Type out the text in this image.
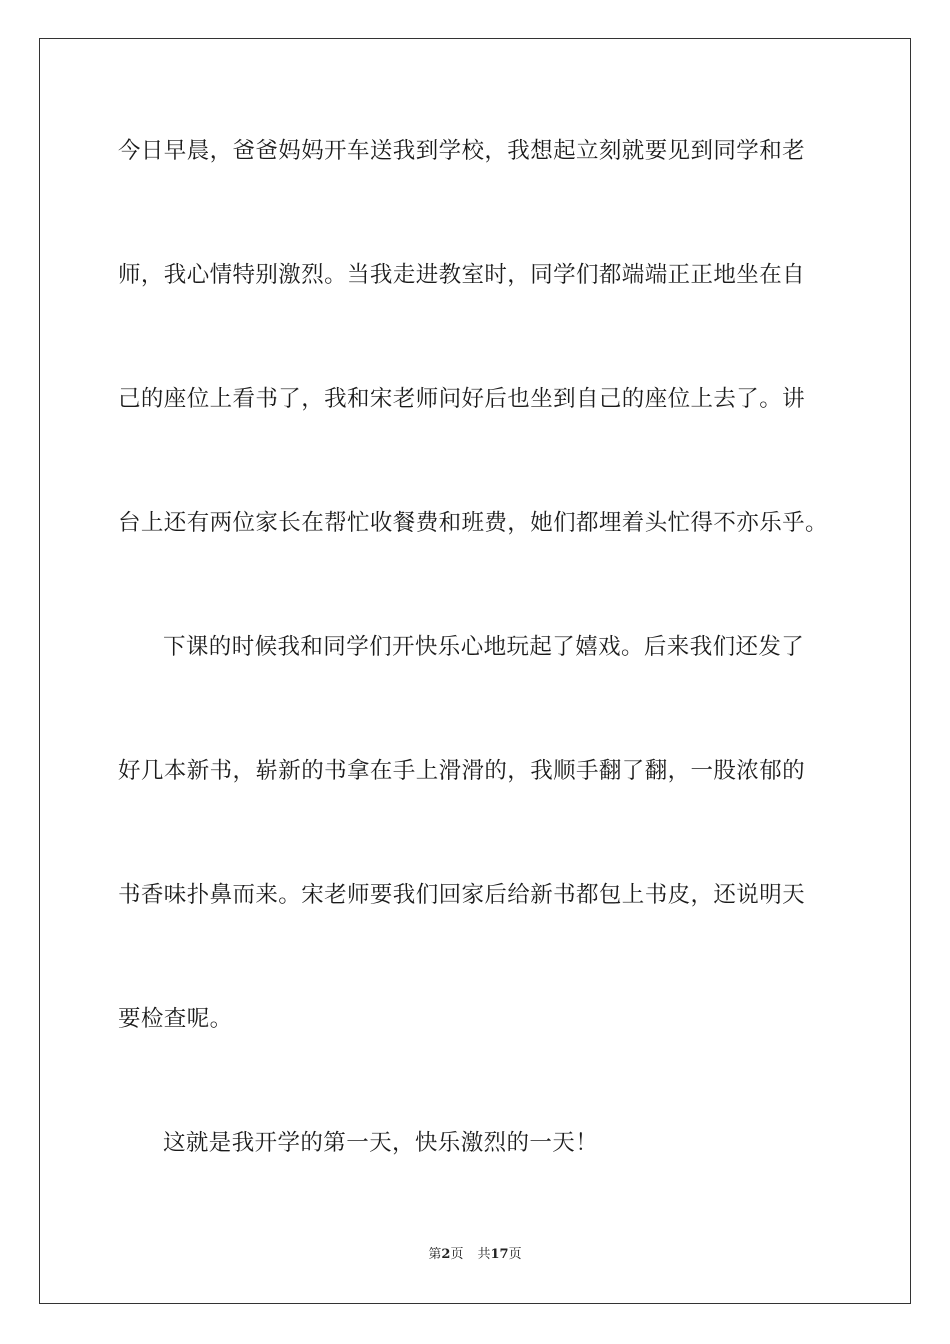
今日早晨，爸爸妈妈开车送我到学校，我想起立刻就要见到同学和老
师，我心情特别激烈。当我走进教室时，同学们都端端正正地坐在自
己的座位上看书了，我和宋老师问好后也坐到自己的座位上去了。讲
台上还有两位家长在帮忙收餐费和班费，她们都埋着头忙得不亦乐乎。
下课的时候我和同学们开快乐心地玩起了嬉戏。后来我们还发了
好几本新书，崭新的书拿在手上滑滑的，我顺手翻了翻，一股浓郁的
书香味扑鼻而来。宋老师要我们回家后给新书都包上书皮，还说明天
要检查呢。
这就是我开学的第一天，快乐激烈的一天！
第2页 共17页
